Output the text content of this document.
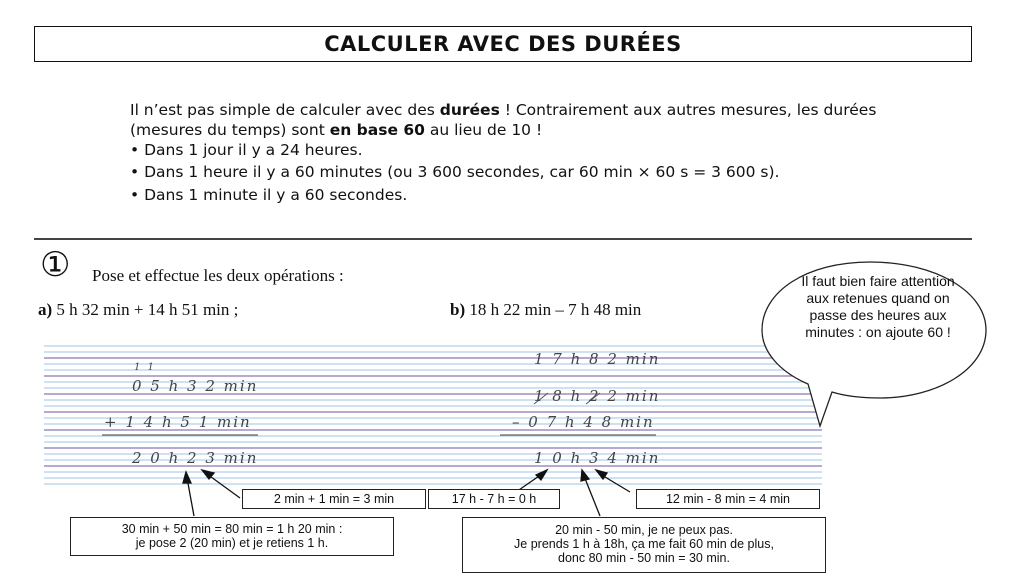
CALCULER AVEC DES DURÉES

Il n’est pas simple de calculer avec des durées ! Contrairement aux autres mesures, les durées (mesures du temps) sont en base 60 au lieu de 10 !

• Dans 1 jour il y a 24 heures.
• Dans 1 heure il y a 60 minutes (ou 3 600 secondes, car 60 min × 60 s = 3 600 s).
• Dans 1 minute il y a 60 secondes.
① Pose et effectue les deux opérations :
a) 5 h 32 min + 14 h 51 min ;	b) 18 h 22 min – 7 h 48 min
Il faut bien faire attention aux retenues quand on passe des heures aux minutes : on ajoute 60 !
1 1
0 5 h 3 2 min
+ 1 4 h 5 1 min
2 0 h 2 3 min
1 7 h 8 2 min
1 8 h 2 2 min
– 0 7 h 4 8 min
1 0 h 3 4 min
2 min + 1 min = 3 min
30 min + 50 min = 80 min = 1 h 20 min :
je pose 2 (20 min) et je retiens 1 h.
17 h - 7 h = 0 h	12 min - 8 min = 4 min
20 min - 50 min, je ne peux pas.
Je prends 1 h à 18h, ça me fait 60 min de plus,
donc 80 min - 50 min = 30 min.
